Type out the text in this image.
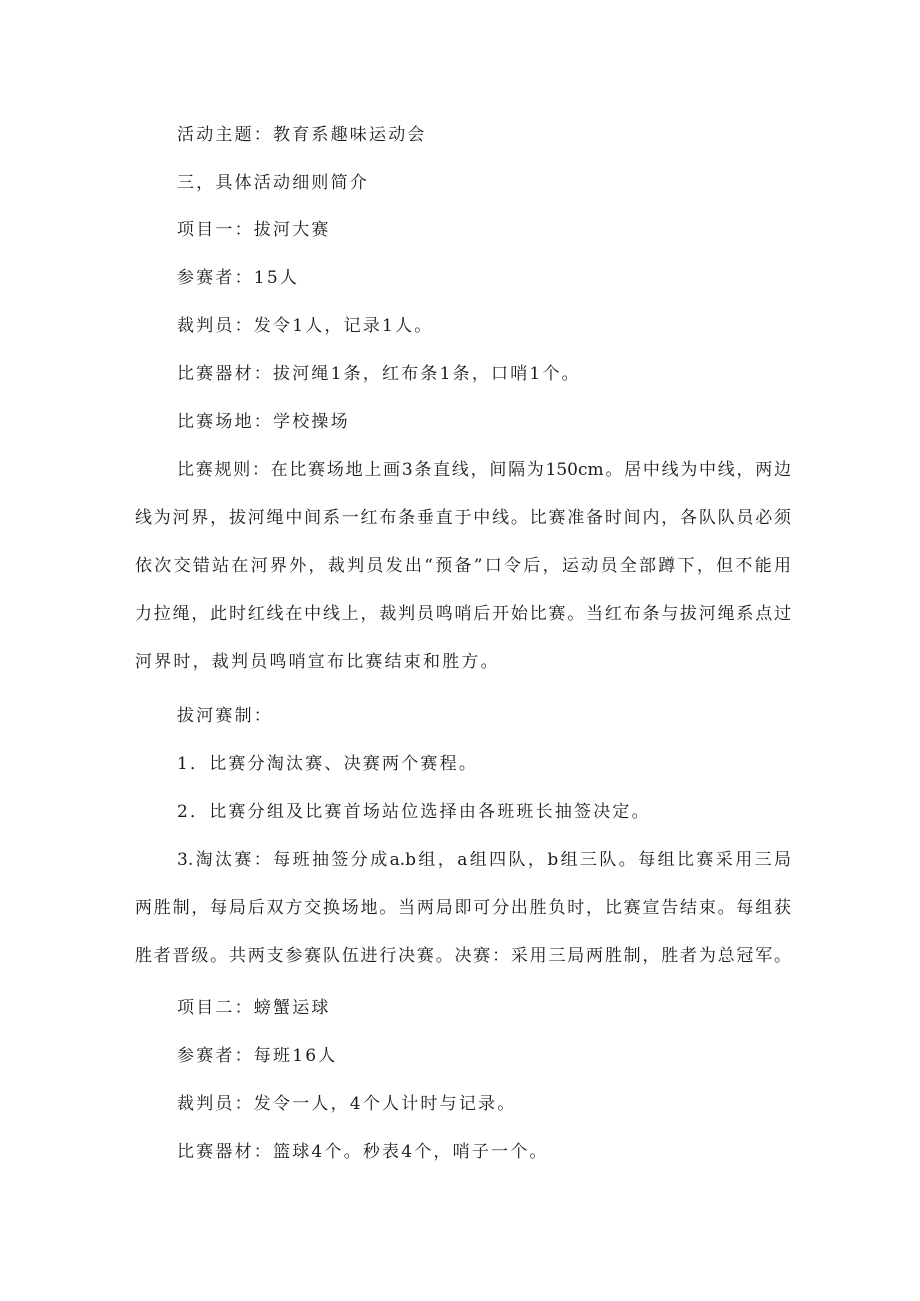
活动主题：教育系趣味运动会
三，具体活动细则简介
项目一：拔河大赛
参赛者：15人
裁判员：发令1人，记录1人。
比赛器材：拔河绳1条，红布条1条，口哨1个。
比赛场地：学校操场
比赛规则：在比赛场地上画3条直线，间隔为150cm。居中线为中线，两边
线为河界，拔河绳中间系一红布条垂直于中线。比赛准备时间内，各队队员必须
依次交错站在河界外，裁判员发出“预备”口令后，运动员全部蹲下，但不能用
力拉绳，此时红线在中线上，裁判员鸣哨后开始比赛。当红布条与拔河绳系点过
河界时，裁判员鸣哨宣布比赛结束和胜方。
拔河赛制：
1．比赛分淘汰赛、决赛两个赛程。
2．比赛分组及比赛首场站位选择由各班班长抽签决定。
3.淘汰赛：每班抽签分成a.b组，a组四队，b组三队。每组比赛采用三局
两胜制，每局后双方交换场地。当两局即可分出胜负时，比赛宣告结束。每组获
胜者晋级。共两支参赛队伍进行决赛。决赛：采用三局两胜制，胜者为总冠军。
项目二：螃蟹运球
参赛者：每班16人
裁判员：发令一人，4个人计时与记录。
比赛器材：篮球4个。秒表4个，哨子一个。
